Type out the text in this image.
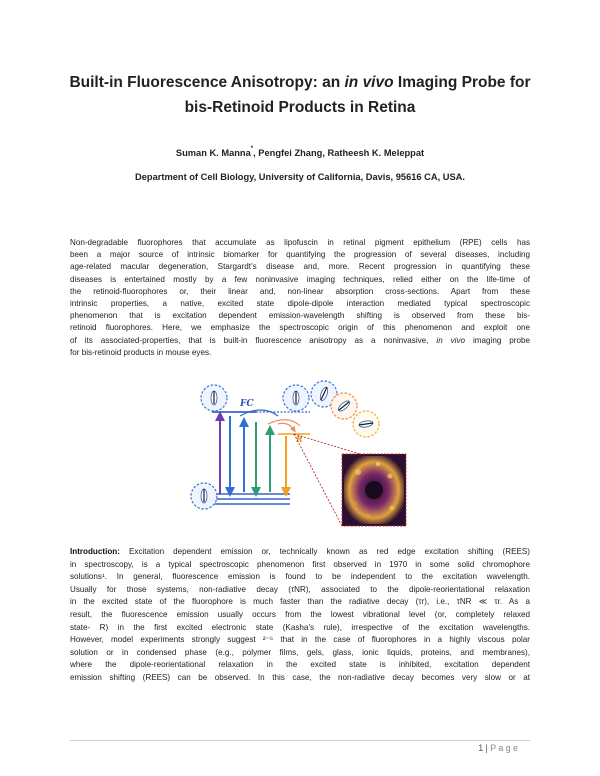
Built-in Fluorescence Anisotropy: an in vivo Imaging Probe for
bis-Retinoid Products in Retina
Suman K. Manna*, Pengfei Zhang, Ratheesh K. Meleppat
Department of Cell Biology, University of California, Davis, 95616 CA, USA.
Non-degradable fluorophores that accumulate as lipofuscin in retinal pigment epithelium (RPE) cells has
been a major source of intrinsic biomarker for quantifying the progression of several diseases, including
age-related macular degeneration, Stargardt’s disease and, more. Recent progression in quantifying these
diseases is entertained mostly by a few noninvasive imaging techniques, relied either on the life-time of
the retinoid-fluorophores or, their linear and, non-linear absorption cross-sections. Apart from these
intrinsic properties, a native, excited state dipole-dipole interaction mediated typical spectroscopic
phenomenon that is excitation dependent emission-wavelength shifting is observed from these bis-
retinoid fluorophores. Here, we emphasize the spectroscopic origin of this phenomenon and exploit one
of its associated-properties, that is built-in fluorescence anisotropy as a noninvasive, in vivo imaging probe
for bis-retinoid products in mouse eyes.
FC
R
Introduction: Excitation dependent emission or, technically known as red edge excitation shifting (REES)
in spectroscopy, is a typical spectroscopic phenomenon first observed in 1970 in some solid chromophore
solutions¹. In general, fluorescence emission is found to be independent to the excitation wavelength.
Usually for those systems, non-radiative decay (τNR), associated to the dipole-reorientational relaxation
in the excited state of the fluorophore is much faster than the radiative decay (τr), i.e., τNR ≪ τr. As a
result, the fluorescence emission usually occurs from the lowest vibrational level (or, completely relaxed
state- R) in the first excited electronic state (Kasha’s rule), irrespective of the excitation wavelengths.
However, model experiments strongly suggest ²⁻⁵ that in the case of fluorophores in a highly viscous polar
solution or in condensed phase (e.g., polymer films, gels, glass, ionic liquids, proteins, and membranes),
where the dipole-reorientational relaxation in the excited state is inhibited, excitation dependent
emission shifting (REES) can be observed. In this case, the non-radiative decay becomes very slow or at
1 | P a g e
